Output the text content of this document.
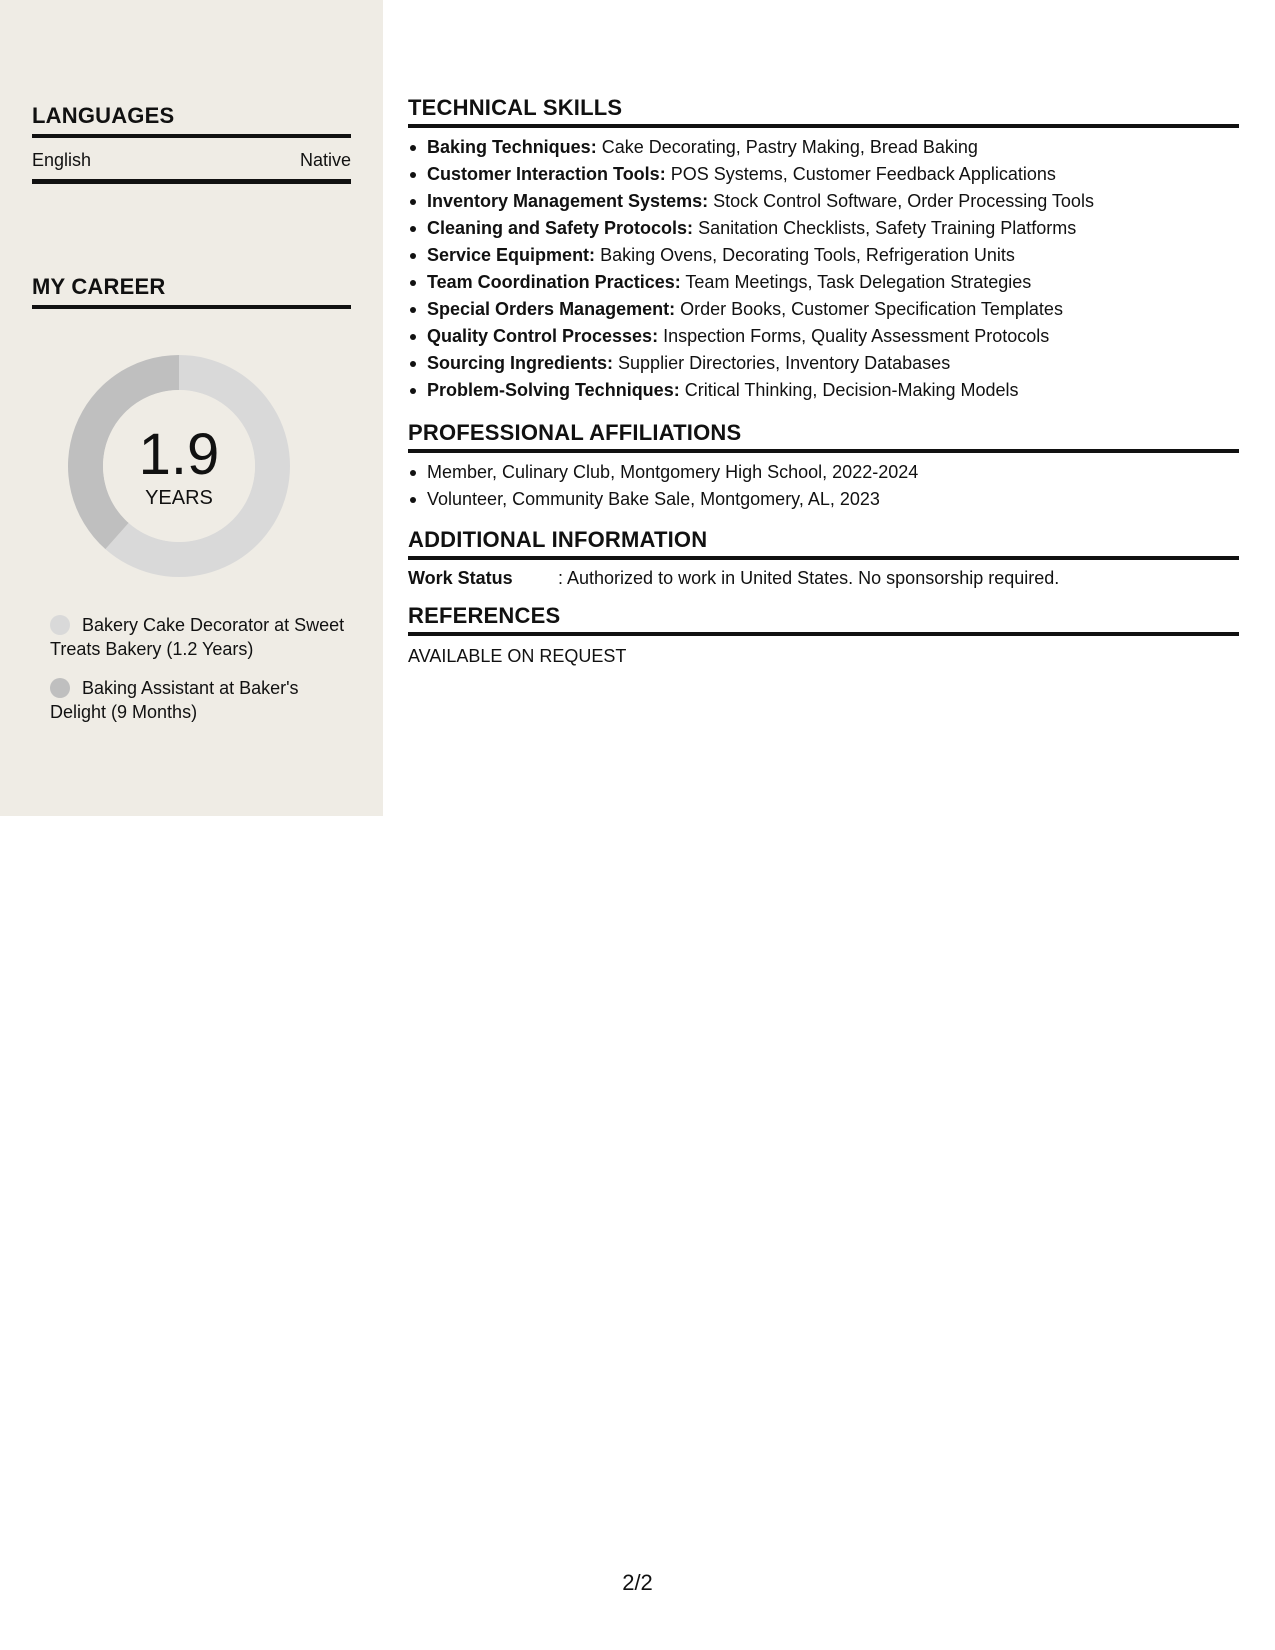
LANGUAGES
English	Native
MY CAREER
1.9
YEARS
Bakery Cake Decorator at Sweet Treats Bakery (1.2 Years)
Baking Assistant at Baker's Delight (9 Months)
TECHNICAL SKILLS
Baking Techniques: Cake Decorating, Pastry Making, Bread Baking
Customer Interaction Tools: POS Systems, Customer Feedback Applications
Inventory Management Systems: Stock Control Software, Order Processing Tools
Cleaning and Safety Protocols: Sanitation Checklists, Safety Training Platforms
Service Equipment: Baking Ovens, Decorating Tools, Refrigeration Units
Team Coordination Practices: Team Meetings, Task Delegation Strategies
Special Orders Management: Order Books, Customer Specification Templates
Quality Control Processes: Inspection Forms, Quality Assessment Protocols
Sourcing Ingredients: Supplier Directories, Inventory Databases
Problem-Solving Techniques: Critical Thinking, Decision-Making Models
PROFESSIONAL AFFILIATIONS
Member, Culinary Club, Montgomery High School, 2022-2024
Volunteer, Community Bake Sale, Montgomery, AL, 2023
ADDITIONAL INFORMATION
Work Status	: Authorized to work in United States. No sponsorship required.
REFERENCES
AVAILABLE ON REQUEST
2/2
